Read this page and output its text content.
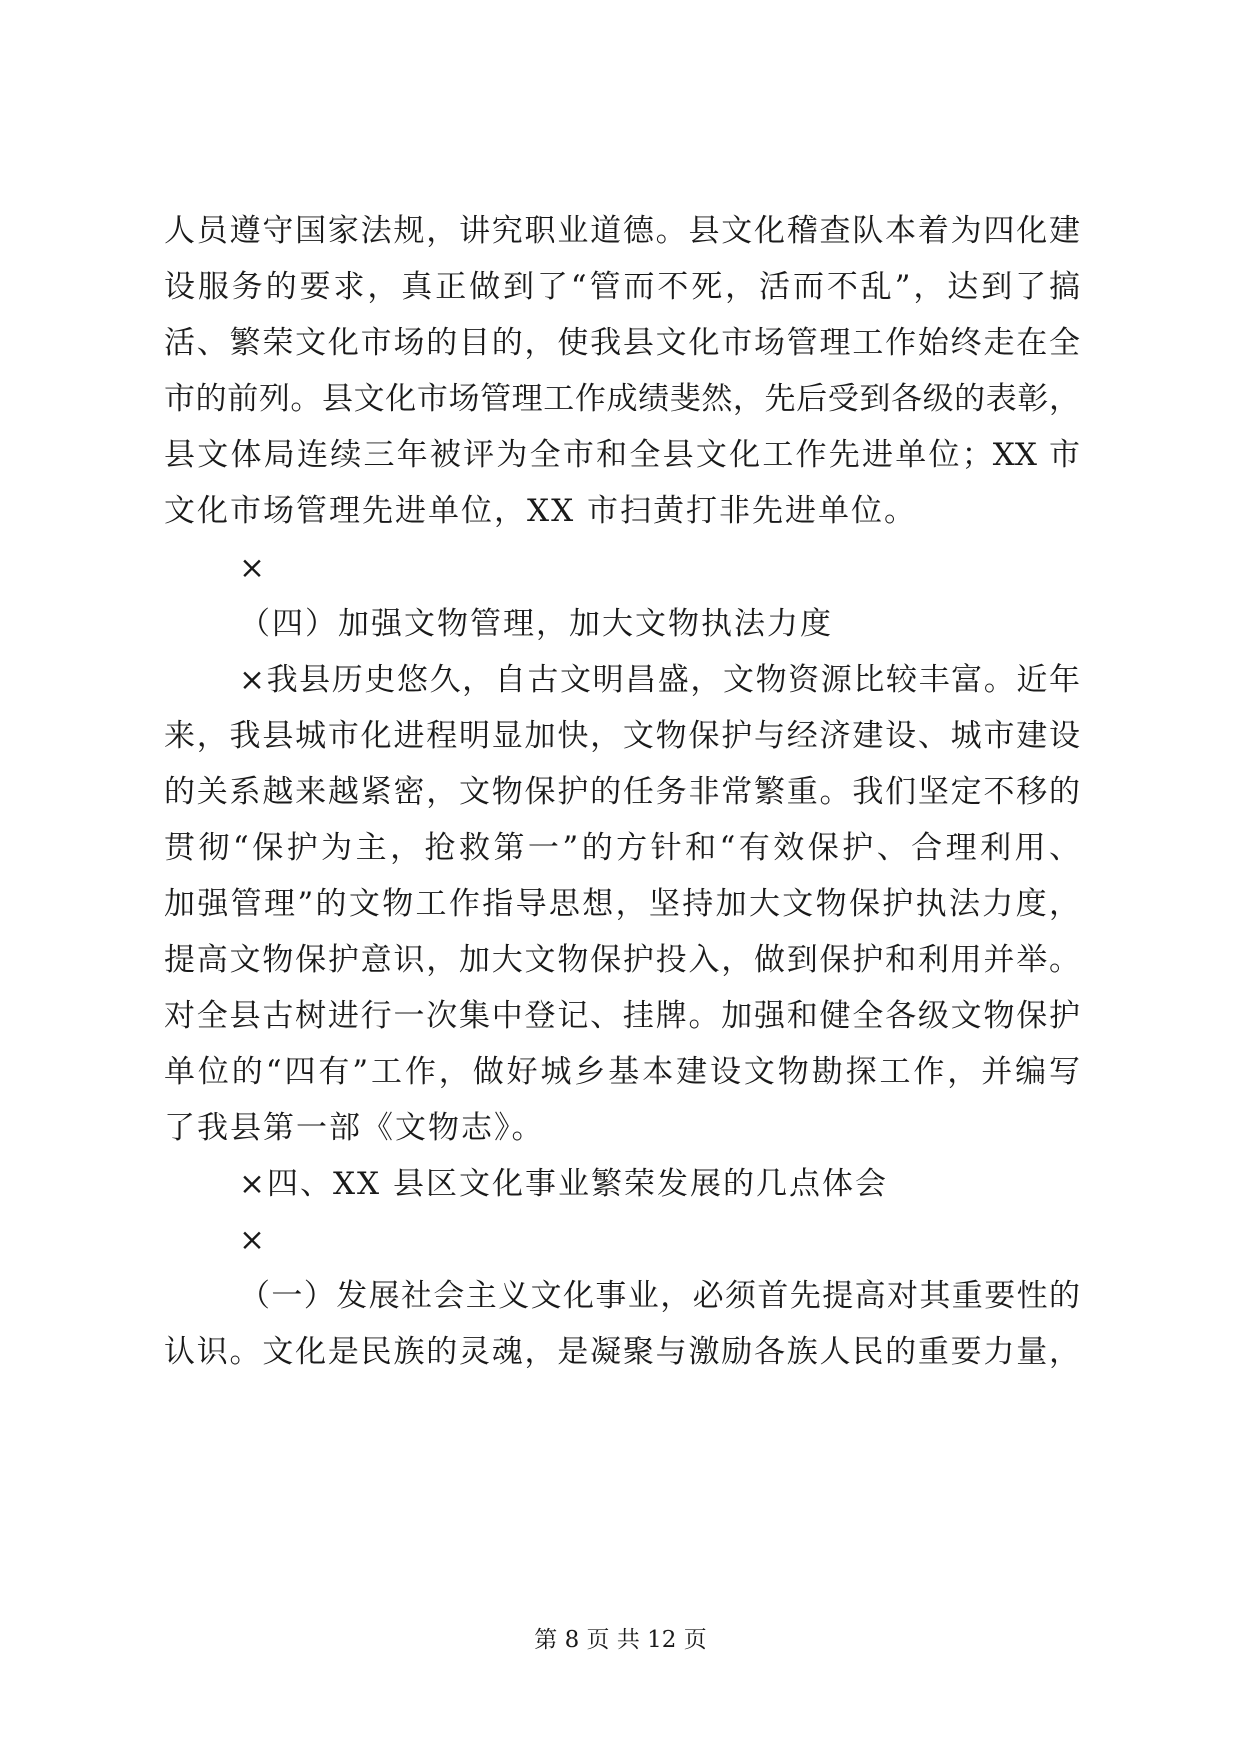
人员遵守国家法规，讲究职业道德。县文化稽查队本着为四化建
设服务的要求，真正做到了“管而不死，活而不乱”，达到了搞
活、繁荣文化市场的目的，使我县文化市场管理工作始终走在全
市的前列。县文化市场管理工作成绩斐然，先后受到各级的表彰，
县文体局连续三年被评为全市和全县文化工作先进单位；XX 市
文化市场管理先进单位，XX 市扫黄打非先进单位。
×
（四）加强文物管理，加大文物执法力度
×我县历史悠久，自古文明昌盛，文物资源比较丰富。近年
来，我县城市化进程明显加快，文物保护与经济建设、城市建设
的关系越来越紧密，文物保护的任务非常繁重。我们坚定不移的
贯彻“保护为主，抢救第一”的方针和“有效保护、合理利用、
加强管理”的文物工作指导思想，坚持加大文物保护执法力度，
提高文物保护意识，加大文物保护投入，做到保护和利用并举。
对全县古树进行一次集中登记、挂牌。加强和健全各级文物保护
单位的“四有”工作，做好城乡基本建设文物勘探工作，并编写
了我县第一部《文物志》。
×四、XX 县区文化事业繁荣发展的几点体会
×
（一）发展社会主义文化事业，必须首先提高对其重要性的
认识。文化是民族的灵魂，是凝聚与激励各族人民的重要力量，
第 8 页 共 12 页
